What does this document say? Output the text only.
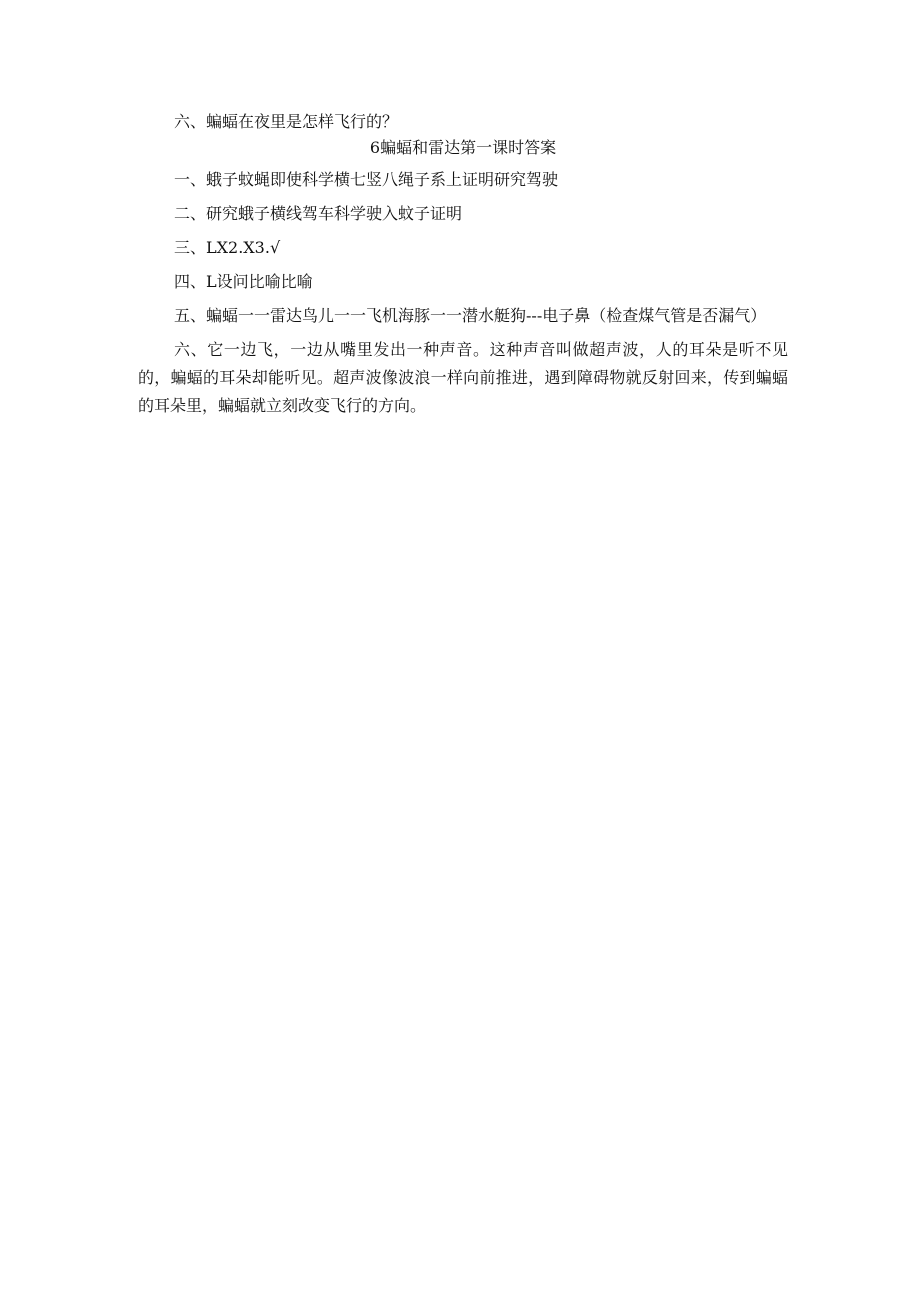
六、蝙蝠在夜里是怎样飞行的？

6蝙蝠和雷达第一课时答案

一、蛾子蚊蝇即使科学横七竖八绳子系上证明研究驾驶

二、研究蛾子横线驾车科学驶入蚊子证明

三、LX2.X3.√

四、L设问比喻比喻

五、蝙蝠一一雷达鸟儿一一飞机海豚一一潜水艇狗---电子鼻（检查煤气管是否漏气）

六、它一边飞，一边从嘴里发出一种声音。这种声音叫做超声波，人的耳朵是听不见的，蝙蝠的耳朵却能听见。超声波像波浪一样向前推进，遇到障碍物就反射回来，传到蝙蝠的耳朵里，蝙蝠就立刻改变飞行的方向。
